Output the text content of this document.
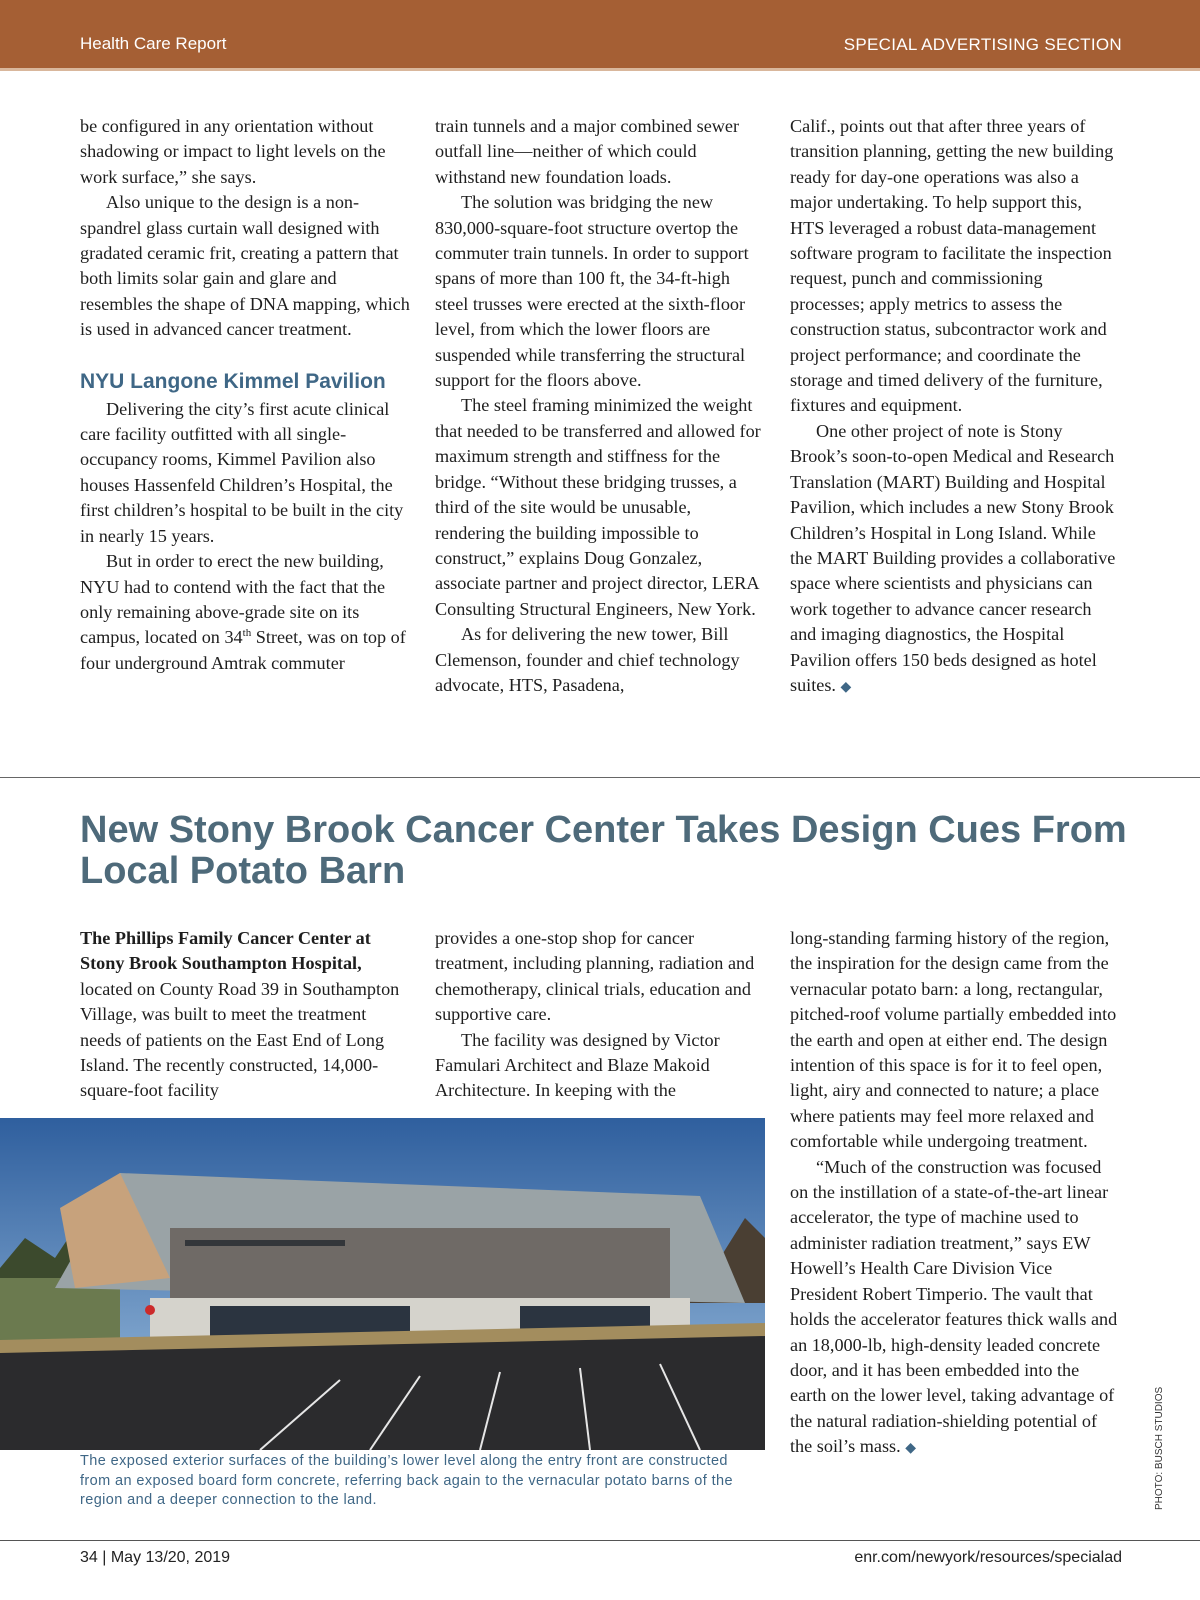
Health Care Report	SPECIAL ADVERTISING SECTION

be configured in any orientation without shadowing or impact to light levels on the work surface,” she says.

Also unique to the design is a non-spandrel glass curtain wall designed with gradated ceramic frit, creating a pattern that both limits solar gain and glare and resembles the shape of DNA mapping, which is used in advanced cancer treatment.

NYU Langone Kimmel Pavilion

Delivering the city’s first acute clinical care facility outfitted with all single-occupancy rooms, Kimmel Pavilion also houses Hassenfeld Children’s Hospital, the first children’s hospital to be built in the city in nearly 15 years.

But in order to erect the new building, NYU had to contend with the fact that the only remaining above-grade site on its campus, located on 34th Street, was on top of four underground Amtrak commuter

train tunnels and a major combined sewer outfall line—neither of which could withstand new foundation loads.

The solution was bridging the new 830,000-square-foot structure overtop the commuter train tunnels. In order to support spans of more than 100 ft, the 34-ft-high steel trusses were erected at the sixth-floor level, from which the lower floors are suspended while transferring the structural support for the floors above.

The steel framing minimized the weight that needed to be transferred and allowed for maximum strength and stiffness for the bridge. “Without these bridging trusses, a third of the site would be unusable, rendering the building impossible to construct,” explains Doug Gonzalez, associate partner and project director, LERA Consulting Structural Engineers, New York.

As for delivering the new tower, Bill Clemenson, founder and chief technology advocate, HTS, Pasadena,

Calif., points out that after three years of transition planning, getting the new building ready for day-one operations was also a major undertaking. To help support this, HTS leveraged a robust data-management software program to facilitate the inspection request, punch and commissioning processes; apply metrics to assess the construction status, subcontractor work and project performance; and coordinate the storage and timed delivery of the furniture, fixtures and equipment.

One other project of note is Stony Brook’s soon-to-open Medical and Research Translation (MART) Building and Hospital Pavilion, which includes a new Stony Brook Children’s Hospital in Long Island. While the MART Building provides a collaborative space where scientists and physicians can work together to advance cancer research and imaging diagnostics, the Hospital Pavilion offers 150 beds designed as hotel suites. ◆

New Stony Brook Cancer Center Takes Design Cues From Local Potato Barn

The Phillips Family Cancer Center at Stony Brook Southampton Hospital, located on County Road 39 in Southampton Village, was built to meet the treatment needs of patients on the East End of Long Island. The recently constructed, 14,000-square-foot facility

provides a one-stop shop for cancer treatment, including planning, radiation and chemotherapy, clinical trials, education and supportive care.

The facility was designed by Victor Famulari Architect and Blaze Makoid Architecture. In keeping with the

long-standing farming history of the region, the inspiration for the design came from the vernacular potato barn: a long, rectangular, pitched-roof volume partially embedded into the earth and open at either end. The design intention of this space is for it to feel open, light, airy and connected to nature; a place where patients may feel more relaxed and comfortable while undergoing treatment.

“Much of the construction was focused on the instillation of a state-of-the-art linear accelerator, the type of machine used to administer radiation treatment,” says EW Howell’s Health Care Division Vice President Robert Timperio. The vault that holds the accelerator features thick walls and an 18,000-lb, high-density leaded concrete door, and it has been embedded into the earth on the lower level, taking advantage of the natural radiation-shielding potential of the soil’s mass. ◆

The exposed exterior surfaces of the building’s lower level along the entry front are constructed from an exposed board form concrete, referring back again to the vernacular potato barns of the region and a deeper connection to the land.	PHOTO: BUSCH STUDIOS
34 | May 13/20, 2019	enr.com/newyork/resources/specialad
